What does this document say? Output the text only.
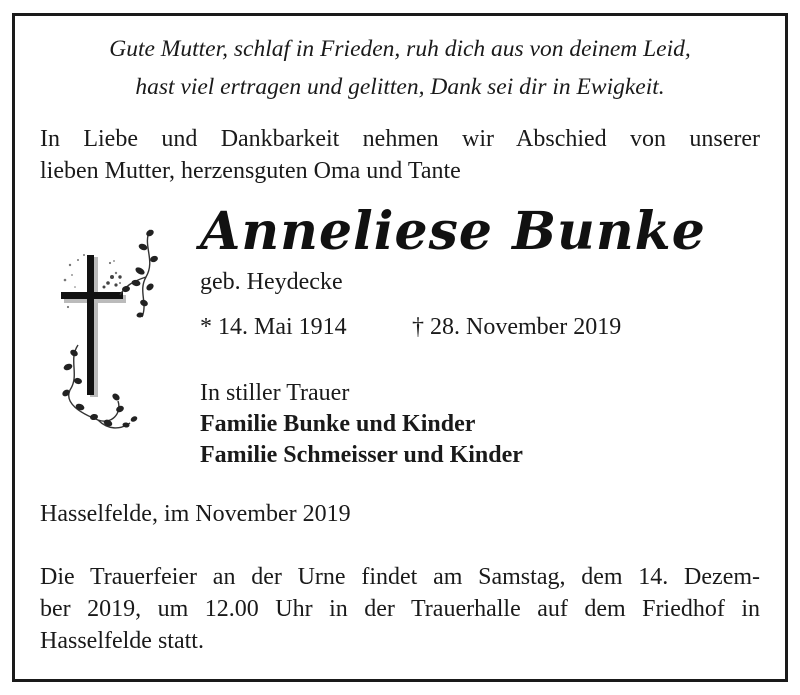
Gute Mutter, schlaf in Frieden, ruh dich aus von deinem Leid,
hast viel ertragen und gelitten, Dank sei dir in Ewigkeit.
In Liebe und Dankbarkeit nehmen wir Abschied von unserer
lieben Mutter, herzensguten Oma und Tante
Anneliese Bunke
geb. Heydecke
* 14. Mai 1914	† 28. November 2019
In stiller Trauer
Familie Bunke und Kinder
Familie Schmeisser und Kinder
Hasselfelde, im November 2019
Die Trauerfeier an der Urne findet am Samstag, dem 14. Dezem-
ber 2019, um 12.00 Uhr in der Trauerhalle auf dem Friedhof in
Hasselfelde statt.
